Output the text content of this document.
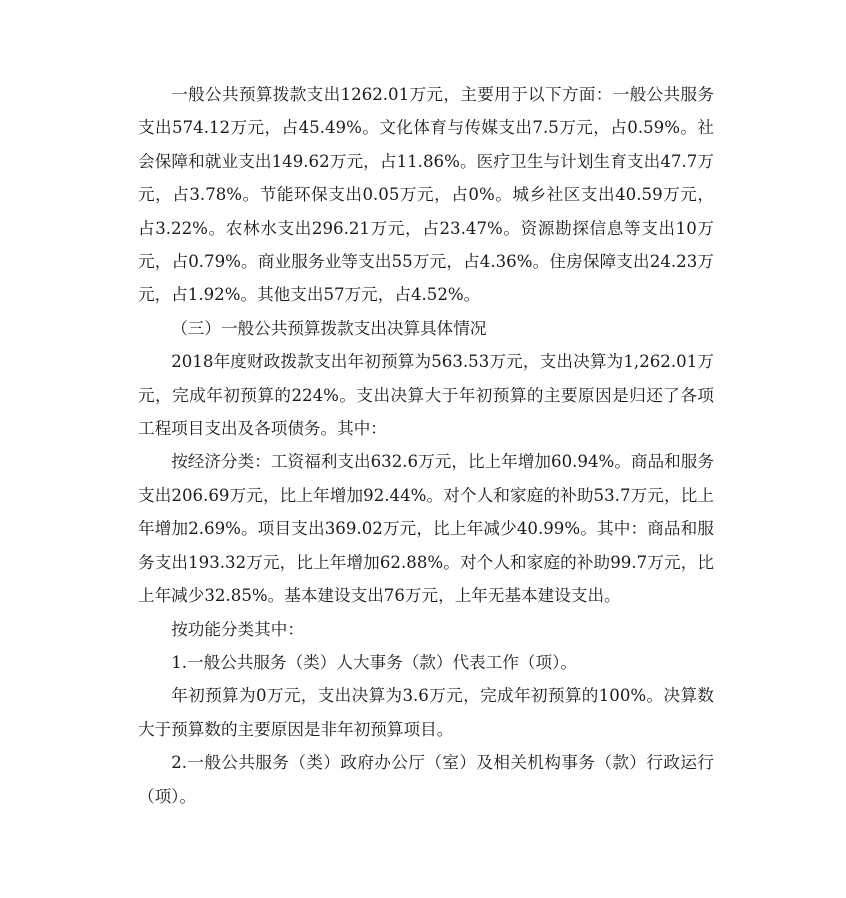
一般公共预算拨款支出1262.01万元，主要用于以下方面：一般公共服务支出574.12万元，占45.49%。文化体育与传媒支出7.5万元，占0.59%。社会保障和就业支出149.62万元，占11.86%。医疗卫生与计划生育支出47.7万元，占3.78%。节能环保支出0.05万元，占0%。城乡社区支出40.59万元，占3.22%。农林水支出296.21万元，占23.47%。资源勘探信息等支出10万元，占0.79%。商业服务业等支出55万元，占4.36%。住房保障支出24.23万元，占1.92%。其他支出57万元，占4.52%。

（三）一般公共预算拨款支出决算具体情况

2018年度财政拨款支出年初预算为563.53万元，支出决算为1,262.01万元，完成年初预算的224%。支出决算大于年初预算的主要原因是归还了各项工程项目支出及各项债务。其中：

按经济分类：工资福利支出632.6万元，比上年增加60.94%。商品和服务支出206.69万元，比上年增加92.44%。对个人和家庭的补助53.7万元，比上年增加2.69%。项目支出369.02万元，比上年减少40.99%。其中：商品和服务支出193.32万元，比上年增加62.88%。对个人和家庭的补助99.7万元，比上年减少32.85%。基本建设支出76万元，上年无基本建设支出。

按功能分类其中：

1.一般公共服务（类）人大事务（款）代表工作（项）。

年初预算为0万元，支出决算为3.6万元，完成年初预算的100%。决算数大于预算数的主要原因是非年初预算项目。

2.一般公共服务（类）政府办公厅（室）及相关机构事务（款）行政运行（项）。
